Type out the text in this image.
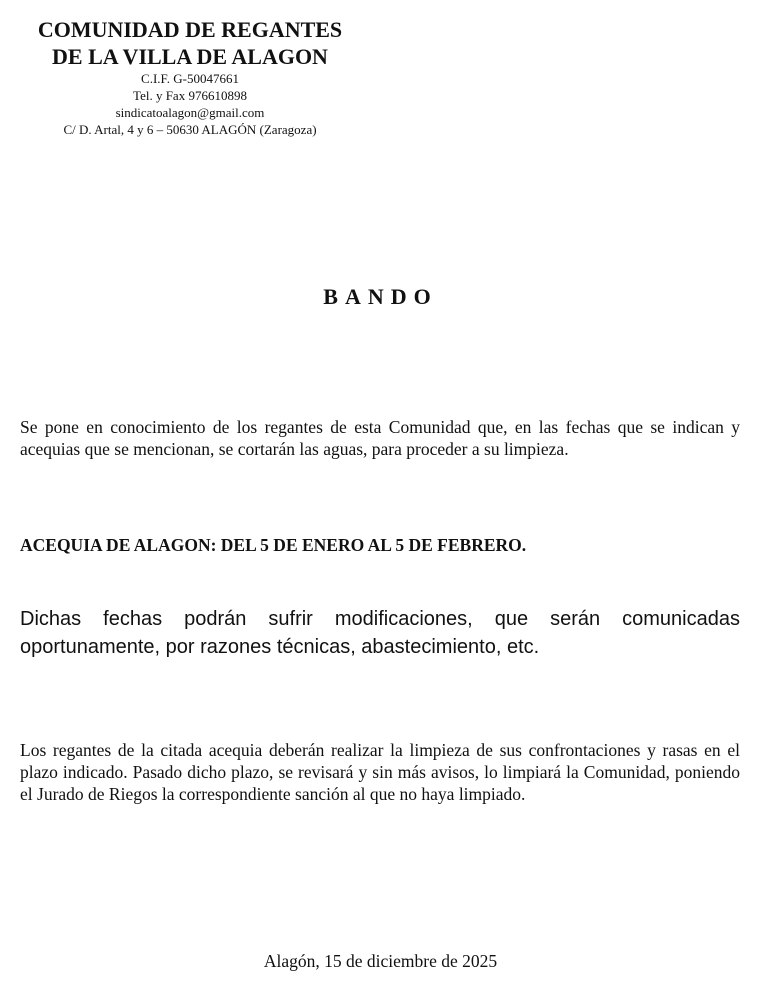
COMUNIDAD DE REGANTES
DE LA VILLA DE ALAGON
C.I.F. G-50047661
Tel. y Fax 976610898
sindicatoalagon@gmail.com
C/ D. Artal, 4 y 6 – 50630 ALAGÓN (Zaragoza)
BANDO

Se pone en conocimiento de los regantes de esta Comunidad que, en las fechas que se indican y acequias que se mencionan, se cortarán las aguas, para proceder a su limpieza.

ACEQUIA DE ALAGON: DEL 5 DE ENERO AL 5 DE FEBRERO.

Dichas fechas podrán sufrir modificaciones, que serán comunicadas oportunamente, por razones técnicas, abastecimiento, etc.

Los regantes de la citada acequia deberán realizar la limpieza de sus confrontaciones y rasas en el plazo indicado. Pasado dicho plazo, se revisará y sin más avisos, lo limpiará la Comunidad, poniendo el Jurado de Riegos la correspondiente sanción al que no haya limpiado.

Alagón, 15 de diciembre de 2025
